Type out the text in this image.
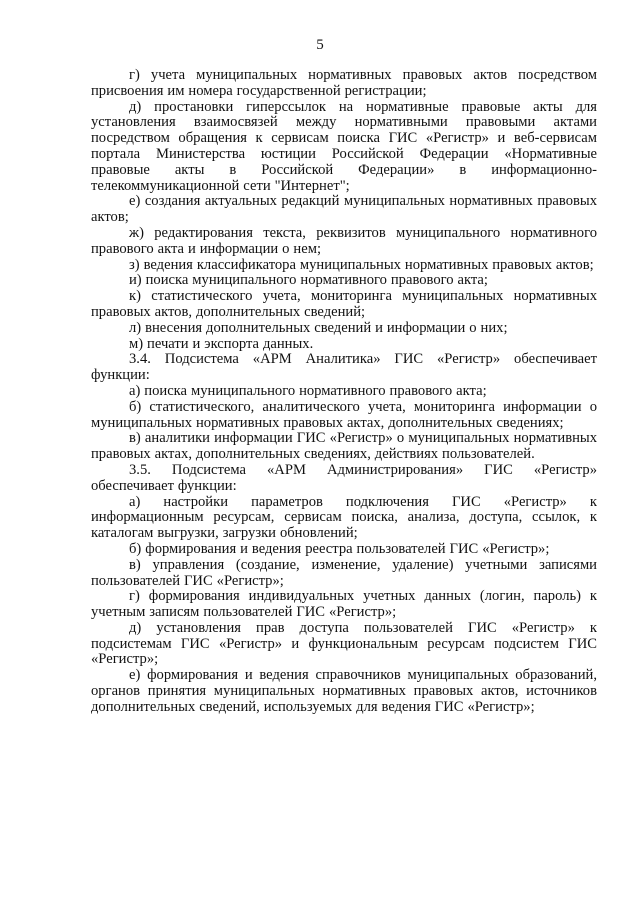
5

г) учета муниципальных нормативных правовых актов посредством присвоения им номера государственной регистрации;

д) простановки гиперссылок на нормативные правовые акты для установления взаимосвязей между нормативными правовыми актами посредством обращения к сервисам поиска ГИС «Регистр» и веб-сервисам портала Министерства юстиции Российской Федерации «Нормативные правовые акты в Российской Федерации» в информационно-телекоммуникационной сети "Интернет";

е) создания актуальных редакций муниципальных нормативных правовых актов;

ж) редактирования текста, реквизитов муниципального нормативного правового акта и информации о нем;

з) ведения классификатора муниципальных нормативных правовых актов;

и) поиска муниципального нормативного правового акта;

к) статистического учета, мониторинга муниципальных нормативных правовых актов, дополнительных сведений;

л) внесения дополнительных сведений и информации о них;

м) печати и экспорта данных.

3.4. Подсистема «АРМ Аналитика» ГИС «Регистр» обеспечивает функции:

а) поиска муниципального нормативного правового акта;

б) статистического, аналитического учета, мониторинга информации о муниципальных нормативных правовых актах, дополнительных сведениях;

в) аналитики информации ГИС «Регистр» о муниципальных нормативных правовых актах, дополнительных сведениях, действиях пользователей.

3.5. Подсистема «АРМ Администрирования» ГИС «Регистр» обеспечивает функции:

а) настройки параметров подключения ГИС «Регистр» к информационным ресурсам, сервисам поиска, анализа, доступа, ссылок, к каталогам выгрузки, загрузки обновлений;

б) формирования и ведения реестра пользователей ГИС «Регистр»;

в) управления (создание, изменение, удаление) учетными записями пользователей ГИС «Регистр»;

г) формирования индивидуальных учетных данных (логин, пароль) к учетным записям пользователей ГИС «Регистр»;

д) установления прав доступа пользователей ГИС «Регистр» к подсистемам ГИС «Регистр» и функциональным ресурсам подсистем ГИС «Регистр»;

е) формирования и ведения справочников муниципальных образований, органов принятия муниципальных нормативных правовых актов, источников дополнительных сведений, используемых для ведения ГИС «Регистр»;
